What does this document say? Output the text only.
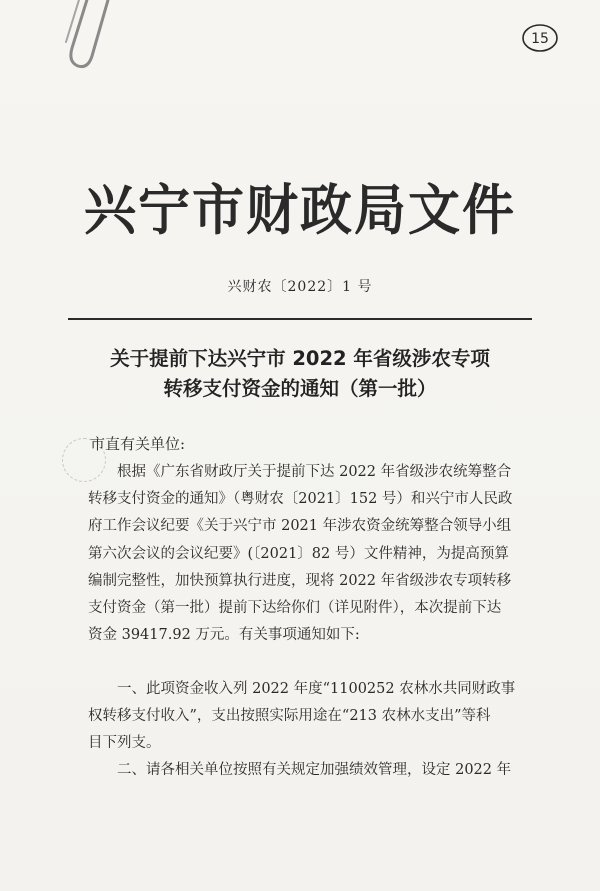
15
兴宁市财政局文件
兴财农〔2022〕1 号
关于提前下达兴宁市 2022 年省级涉农专项
转移支付资金的通知（第一批）
市直有关单位:
根据《广东省财政厅关于提前下达 2022 年省级涉农统筹整合
转移支付资金的通知》（粤财农〔2021〕152 号）和兴宁市人民政
府工作会议纪要《关于兴宁市 2021 年涉农资金统筹整合领导小组
第六次会议的会议纪要》(〔2021〕82 号）文件精神，为提高预算
编制完整性，加快预算执行进度，现将 2022 年省级涉农专项转移
支付资金（第一批）提前下达给你们（详见附件），本次提前下达
资金 39417.92 万元。有关事项通知如下:
一、此项资金收入列 2022 年度“1100252 农林水共同财政事
权转移支付收入”，支出按照实际用途在“213 农林水支出”等科
目下列支。
二、请各相关单位按照有关规定加强绩效管理，设定 2022 年
